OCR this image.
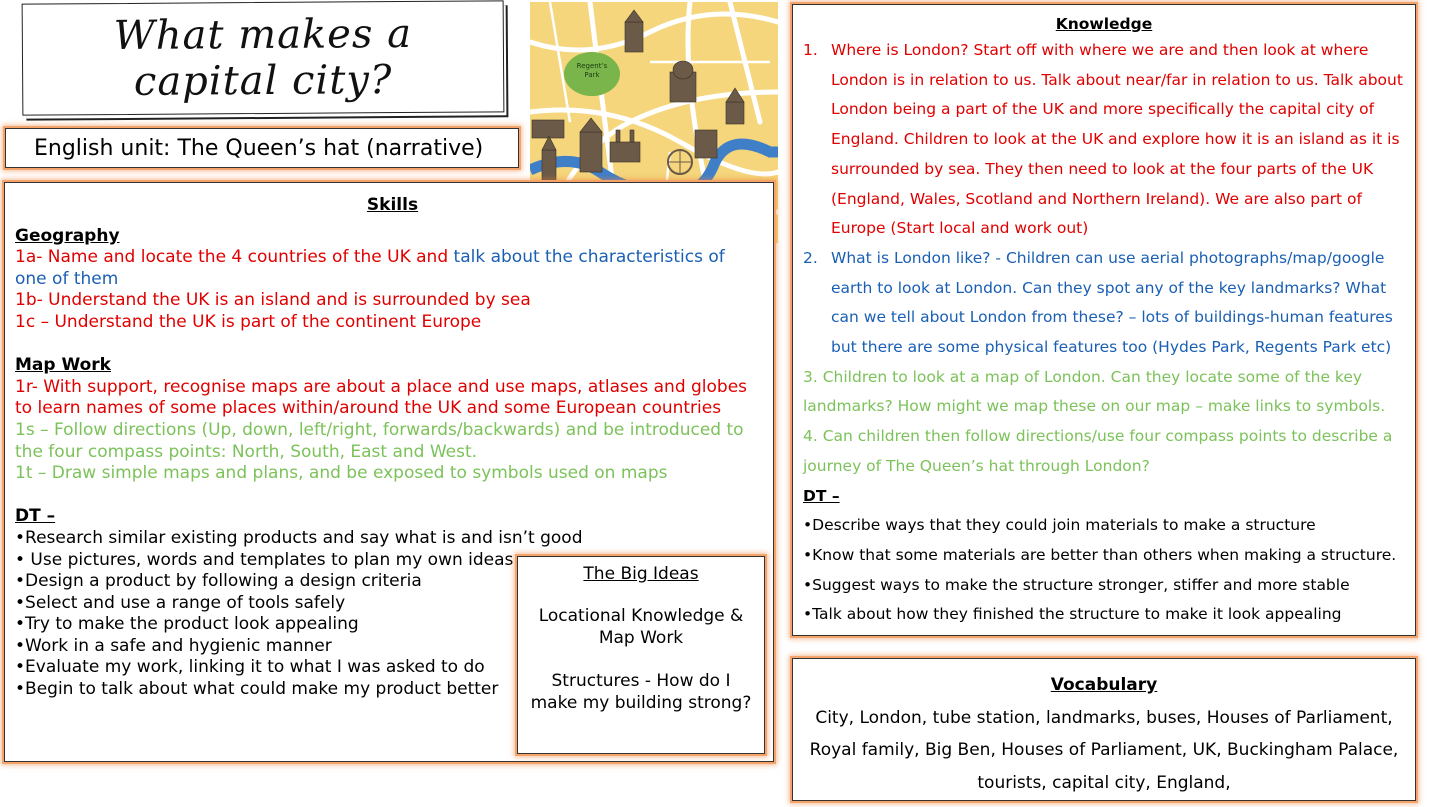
What makes a capital city?
English unit: The Queen’s hat (narrative)
Regent’s Park
Skills
Geography
1a- Name and locate the 4 countries of the UK and talk about the characteristics of one of them
1b- Understand the UK is an island and is surrounded by sea
1c – Understand the UK is part of the continent Europe
Map Work
1r- With support, recognise maps are about a place and use maps, atlases and globes to learn names of some places within/around the UK and some European countries
1s – Follow directions (Up, down, left/right, forwards/backwards) and be introduced to the four compass points: North, South, East and West.
1t – Draw simple maps and plans, and be exposed to symbols used on maps
DT –
•Research similar existing products and say what is and isn’t good
• Use pictures, words and templates to plan my own ideas
•Design a product by following a design criteria
•Select and use a range of tools safely
•Try to make the product look appealing
•Work in a safe and hygienic manner
•Evaluate my work, linking it to what I was asked to do
•Begin to talk about what could make my product better
The Big Ideas
Locational Knowledge & Map Work
Structures - How do I make my building strong?
Knowledge
1. Where is London? Start off with where we are and then look at where London is in relation to us. Talk about near/far in relation to us. Talk about London being a part of the UK and more specifically the capital city of England. Children to look at the UK and explore how it is an island as it is surrounded by sea. They then need to look at the four parts of the UK (England, Wales, Scotland and Northern Ireland). We are also part of Europe (Start local and work out)
2. What is London like? - Children can use aerial photographs/map/google earth to look at London. Can they spot any of the key landmarks? What can we tell about London from these? – lots of buildings-human features but there are some physical features too (Hydes Park, Regents Park etc)
3. Children to look at a map of London. Can they locate some of the key landmarks? How might we map these on our map – make links to symbols.
4. Can children then follow directions/use four compass points to describe a journey of The Queen’s hat through London?
DT –
•Describe ways that they could join materials to make a structure
•Know that some materials are better than others when making a structure.
•Suggest ways to make the structure stronger, stiffer and more stable
•Talk about how they finished the structure to make it look appealing
Vocabulary
City, London, tube station, landmarks, buses, Houses of Parliament, Royal family, Big Ben, Houses of Parliament, UK, Buckingham Palace, tourists, capital city, England,
